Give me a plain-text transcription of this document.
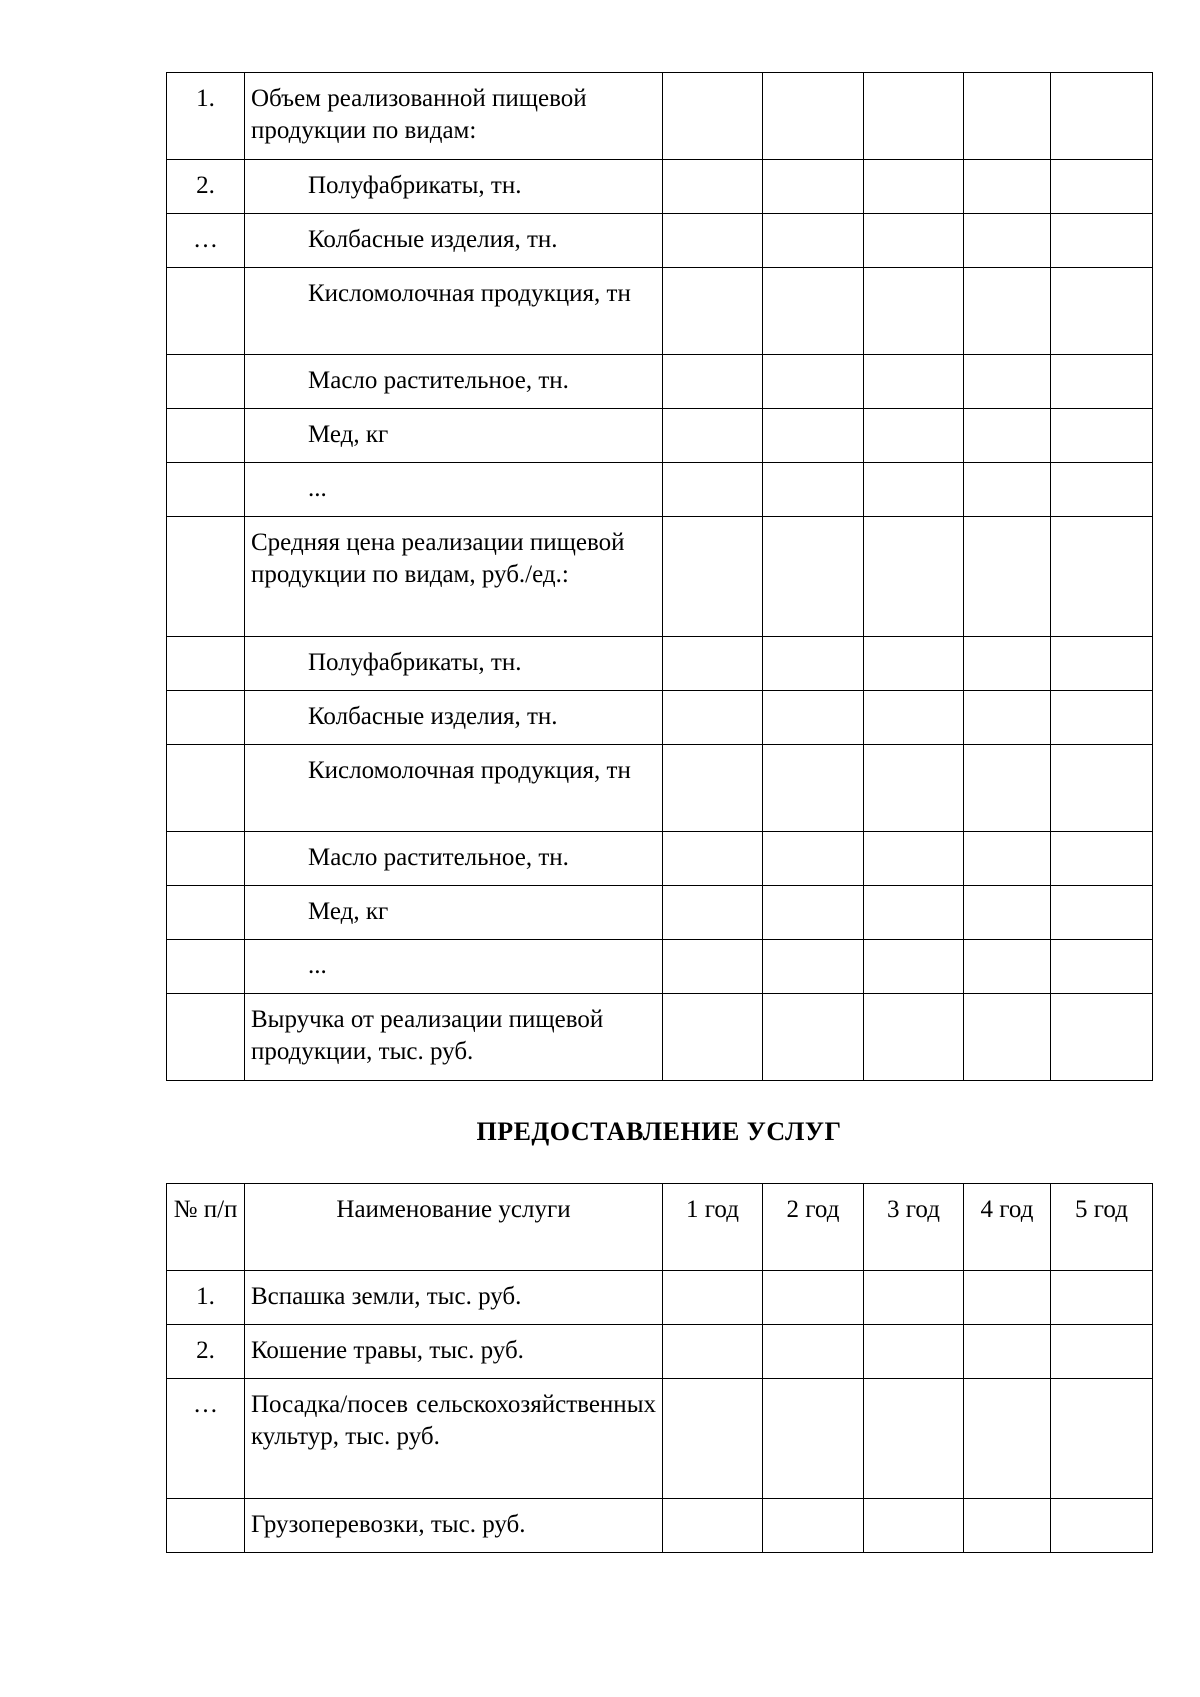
1.	Объем реализованной пищевой продукции по видам:					
2.	Полуфабрикаты, тн.					
…	Колбасные изделия, тн.					
	Кисломолочная продукция, тн					
	Масло растительное, тн.					
	Мед, кг					
	...					
	Средняя цена реализации пищевой продукции по видам, руб./ед.:					
	Полуфабрикаты, тн.					
	Колбасные изделия, тн.					
	Кисломолочная продукция, тн					
	Масло растительное, тн.					
	Мед, кг					
	...					
	Выручка от реализации пищевой продукции, тыс. руб.					
ПРЕДОСТАВЛЕНИЕ УСЛУГ
№ п/п	Наименование услуги	1 год	2 год	3 год	4 год	5 год
1.	Вспашка земли, тыс. руб.					
2.	Кошение травы, тыс. руб.					
…	Посадка/посев сельскохозяйственных культур, тыс. руб.					
	Грузоперевозки, тыс. руб.					
